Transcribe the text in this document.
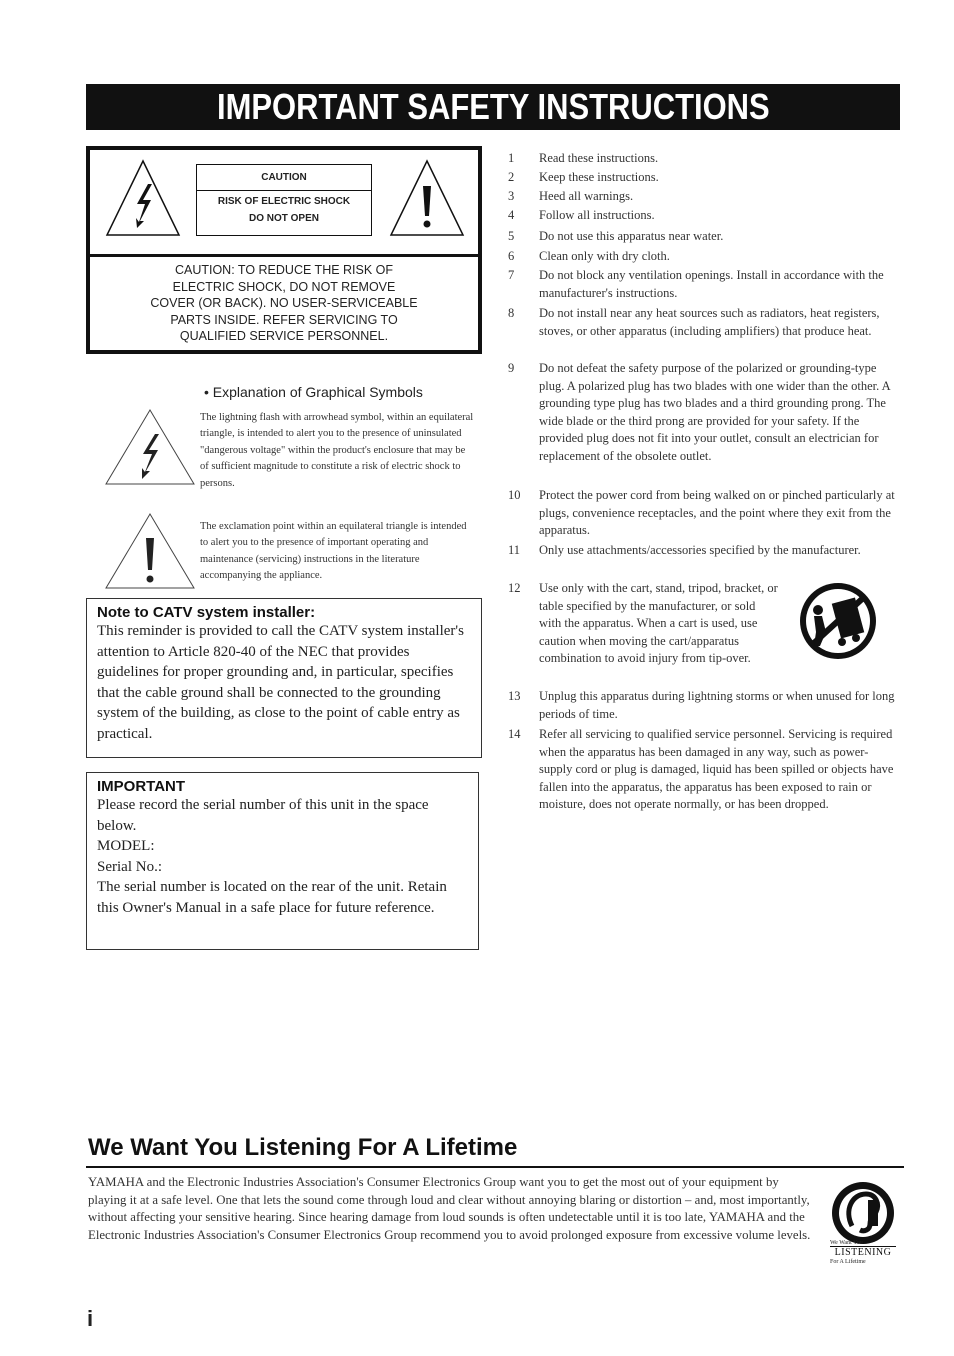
IMPORTANT SAFETY INSTRUCTIONS
CAUTION
RISK OF ELECTRIC SHOCK
DO NOT OPEN
CAUTION: TO REDUCE THE RISK OF
ELECTRIC SHOCK, DO NOT REMOVE
COVER (OR BACK). NO USER-SERVICEABLE
PARTS INSIDE. REFER SERVICING TO
QUALIFIED SERVICE PERSONNEL.
• Explanation of Graphical Symbols
The lightning flash with arrowhead symbol, within an equilateral triangle, is intended to alert you to the presence of uninsulated "dangerous voltage" within the product's enclosure that may be of sufficient magnitude to constitute a risk of electric shock to persons.
The exclamation point within an equilateral triangle is intended to alert you to the presence of important operating and maintenance (servicing) instructions in the literature accompanying the appliance.
Note to CATV system installer:
This reminder is provided to call the CATV system installer's attention to Article 820-40 of the NEC that provides guidelines for proper grounding and, in particular, specifies that the cable ground shall be connected to the grounding system of the building, as close to the point of cable entry as practical.
IMPORTANT
Please record the serial number of this unit in the space below.
MODEL:
Serial No.:
The serial number is located on the rear of the unit. Retain this Owner's Manual in a safe place for future reference.
1	Read these instructions.
2	Keep these instructions.
3	Heed all warnings.
4	Follow all instructions.
5	Do not use this apparatus near water.
6	Clean only with dry cloth.
7	Do not block any ventilation openings. Install in accordance with the manufacturer's instructions.
8	Do not install near any heat sources such as radiators, heat registers, stoves, or other apparatus (including amplifiers) that produce heat.
9	Do not defeat the safety purpose of the polarized or grounding-type plug. A polarized plug has two blades with one wider than the other. A grounding type plug has two blades and a third grounding prong. The wide blade or the third prong are provided for your safety. If the provided plug does not fit into your outlet, consult an electrician for replacement of the obsolete outlet.
10	Protect the power cord from being walked on or pinched particularly at plugs, convenience receptacles, and the point where they exit from the apparatus.
11	Only use attachments/accessories specified by the manufacturer.
12	Use only with the cart, stand, tripod, bracket, or table specified by the manufacturer, or sold with the apparatus. When a cart is used, use caution when moving the cart/apparatus combination to avoid injury from tip-over.
13	Unplug this apparatus during lightning storms or when unused for long periods of time.
14	Refer all servicing to qualified service personnel. Servicing is required when the apparatus has been damaged in any way, such as power-supply cord or plug is damaged, liquid has been spilled or objects have fallen into the apparatus, the apparatus has been exposed to rain or moisture, does not operate normally, or has been dropped.
We Want You Listening For A Lifetime
YAMAHA and the Electronic Industries Association's Consumer Electronics Group want you to get the most out of your equipment by playing it at a safe level. One that lets the sound come through loud and clear without annoying blaring or distortion – and, most importantly, without affecting your sensitive hearing. Since hearing damage from loud sounds is often undetectable until it is too late, YAMAHA and the Electronic Industries Association's Consumer Electronics Group recommend you to avoid prolonged exposure from excessive volume levels.
We Want You
LISTENING
For A Lifetime
i
